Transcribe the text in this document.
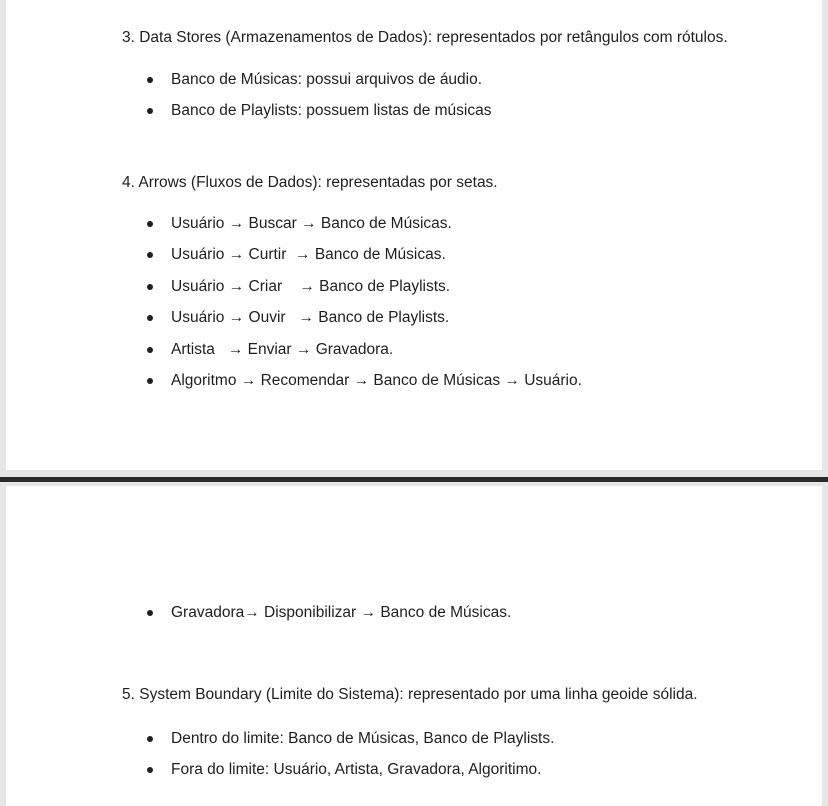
3. Data Stores (Armazenamentos de Dados): representados por retângulos com rótulos.
Banco de Músicas: possui arquivos de áudio.
Banco de Playlists: possuem listas de músicas
4. Arrows (Fluxos de Dados): representadas por setas.
Usuário → Buscar → Banco de Músicas.
Usuário → Curtir  → Banco de Músicas.
Usuário → Criar    → Banco de Playlists.
Usuário → Ouvir   → Banco de Playlists.
Artista   → Enviar → Gravadora.
Algoritmo → Recomendar → Banco de Músicas → Usuário.
Gravadora→ Disponibilizar → Banco de Músicas.
5. System Boundary (Limite do Sistema): representado por uma linha geoide sólida.
Dentro do limite: Banco de Músicas, Banco de Playlists.
Fora do limite: Usuário, Artista, Gravadora, Algoritimo.
